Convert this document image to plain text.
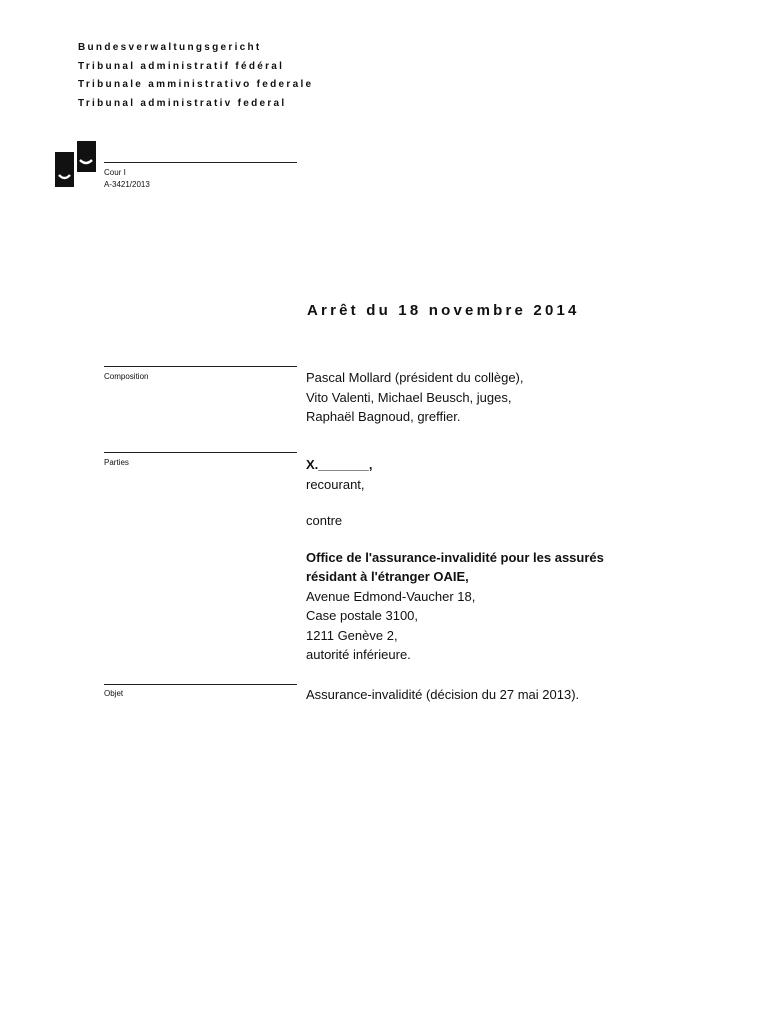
Bundesverwaltungsgericht
Tribunal administratif fédéral
Tribunale amministrativo federale
Tribunal administrativ federal
Cour I
A-3421/2013
Arrêt du 18 novembre 2014
Composition	Pascal Mollard (président du collège),
Vito Valenti, Michael Beusch, juges,
Raphaël Bagnoud, greffier.
Parties	X._______,
recourant,
contre
Office de l'assurance-invalidité pour les assurés
résidant à l'étranger OAIE,
Avenue Edmond-Vaucher 18,
Case postale 3100,
1211 Genève 2,
autorité inférieure.
Objet	Assurance-invalidité (décision du 27 mai 2013).
